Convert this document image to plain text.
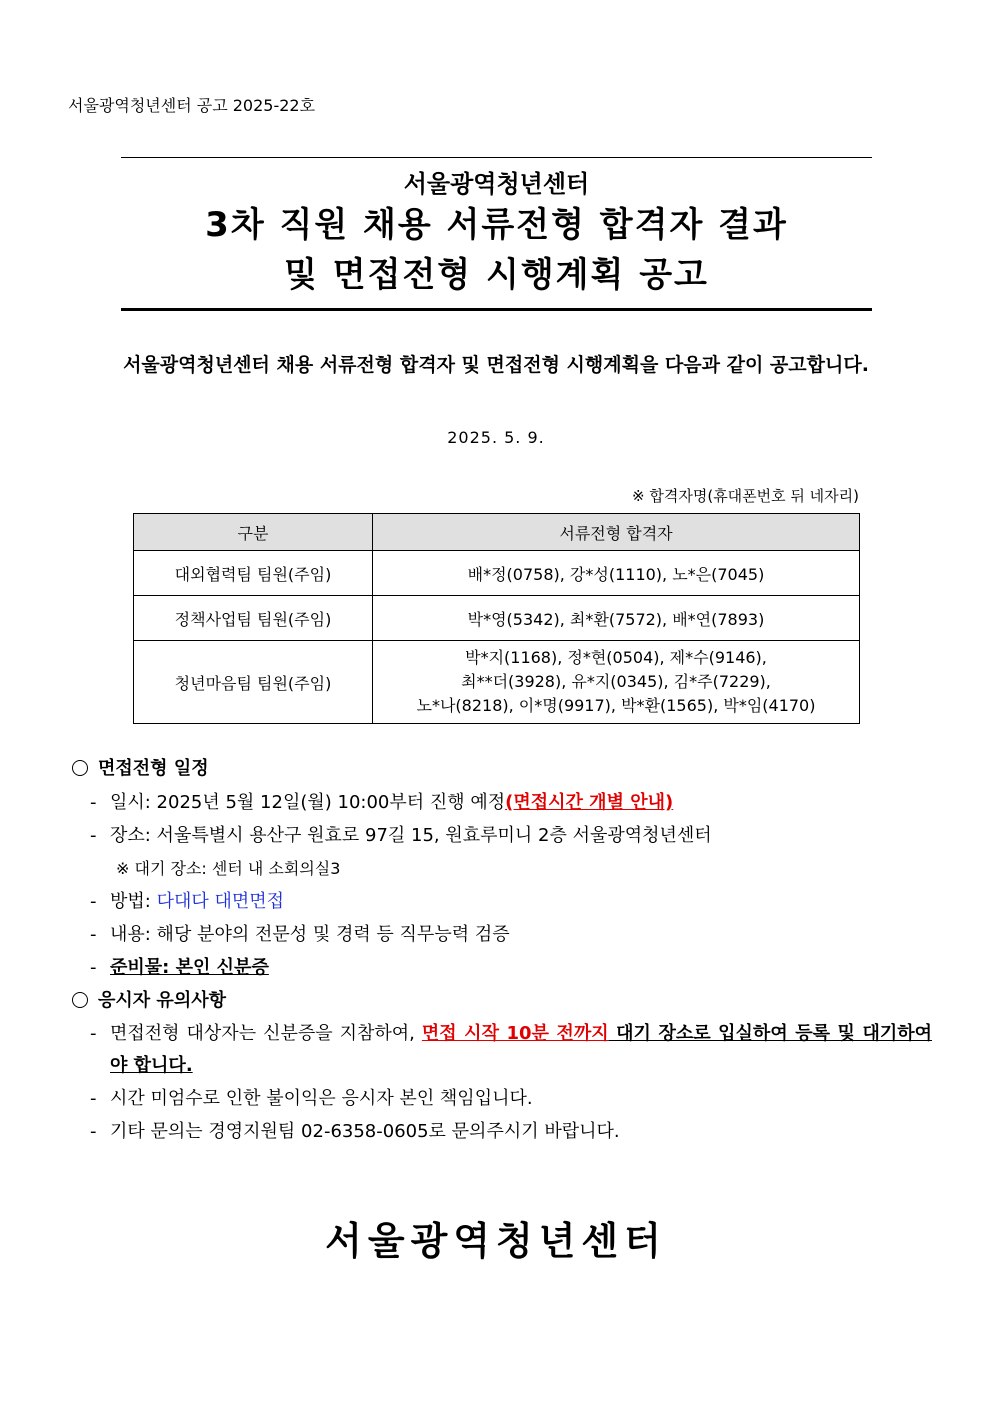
서울광역청년센터 공고 2025-22호
서울광역청년센터
3차 직원 채용 서류전형 합격자 결과
및 면접전형 시행계획 공고
서울광역청년센터 채용 서류전형 합격자 및 면접전형 시행계획을 다음과 같이 공고합니다.
2025. 5. 9.
※ 합격자명(휴대폰번호 뒤 네자리)
구분	서류전형 합격자
대외협력팀 팀원(주임)	배*정(0758), 강*성(1110), 노*은(7045)
정책사업팀 팀원(주임)	박*영(5342), 최*환(7572), 배*연(7893)
청년마음팀 팀원(주임)	박*지(1168), 정*현(0504), 제*수(9146),
최**더(3928), 유*지(0345), 김*주(7229),
노*나(8218), 이*명(9917), 박*환(1565), 박*임(4170)
면접전형 일정
- 일시: 2025년 5월 12일(월) 10:00부터 진행 예정(면접시간 개별 안내)
- 장소: 서울특별시 용산구 원효로 97길 15, 원효루미니 2층 서울광역청년센터
※ 대기 장소: 센터 내 소회의실3
- 방법: 다대다 대면면접
- 내용: 해당 분야의 전문성 및 경력 등 직무능력 검증
- 준비물: 본인 신분증
응시자 유의사항
- 면접전형 대상자는 신분증을 지참하여, 면접 시작 10분 전까지 대기 장소로 입실하여 등록 및 대기하여야 합니다.
- 시간 미엄수로 인한 불이익은 응시자 본인 책임입니다.
- 기타 문의는 경영지원팀 02-6358-0605로 문의주시기 바랍니다.
서울광역청년센터
